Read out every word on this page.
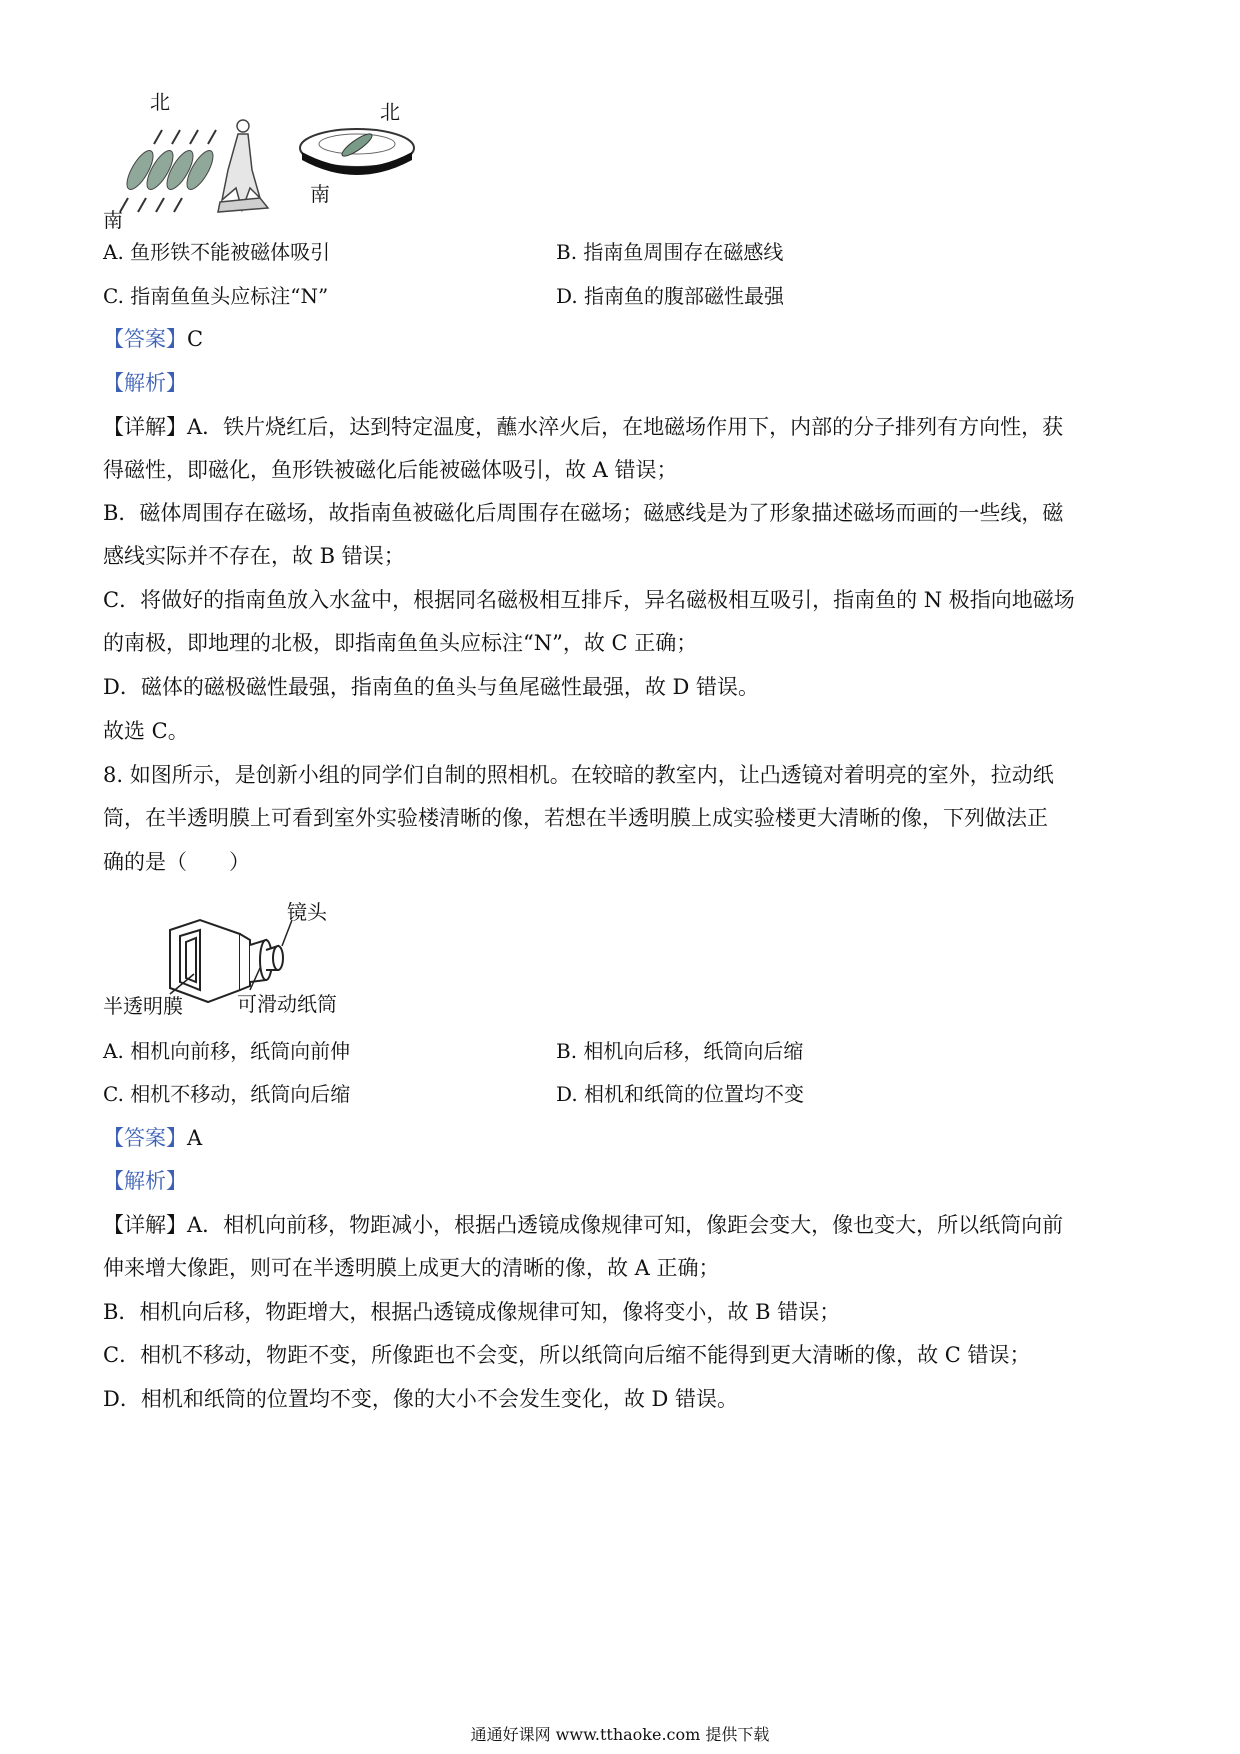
北	北
南
南
A. 鱼形铁不能被磁体吸引	B. 指南鱼周围存在磁感线
C. 指南鱼鱼头应标注“N”	D. 指南鱼的腹部磁性最强
【答案】C
【解析】
【详解】A．铁片烧红后，达到特定温度，蘸水淬火后，在地磁场作用下，内部的分子排列有方向性，获
得磁性，即磁化，鱼形铁被磁化后能被磁体吸引，故 A 错误；
B．磁体周围存在磁场，故指南鱼被磁化后周围存在磁场；磁感线是为了形象描述磁场而画的一些线，磁
感线实际并不存在，故 B 错误；
C．将做好的指南鱼放入水盆中，根据同名磁极相互排斥，异名磁极相互吸引，指南鱼的 N 极指向地磁场
的南极，即地理的北极，即指南鱼鱼头应标注“N”，故 C 正确；
D．磁体的磁极磁性最强，指南鱼的鱼头与鱼尾磁性最强，故 D 错误。
故选 C。
8. 如图所示，是创新小组的同学们自制的照相机。在较暗的教室内，让凸透镜对着明亮的室外，拉动纸
筒，在半透明膜上可看到室外实验楼清晰的像，若想在半透明膜上成实验楼更大清晰的像，下列做法正
确的是（　　）
镜头
半透明膜	可滑动纸筒
A. 相机向前移，纸筒向前伸	B. 相机向后移，纸筒向后缩
C. 相机不移动，纸筒向后缩	D. 相机和纸筒的位置均不变
【答案】A
【解析】
【详解】A．相机向前移，物距减小，根据凸透镜成像规律可知，像距会变大，像也变大，所以纸筒向前
伸来增大像距，则可在半透明膜上成更大的清晰的像，故 A 正确；
B．相机向后移，物距增大，根据凸透镜成像规律可知，像将变小，故 B 错误；
C．相机不移动，物距不变，所像距也不会变，所以纸筒向后缩不能得到更大清晰的像，故 C 错误；
D．相机和纸筒的位置均不变，像的大小不会发生变化，故 D 错误。
通通好课网 www.tthaoke.com 提供下载
